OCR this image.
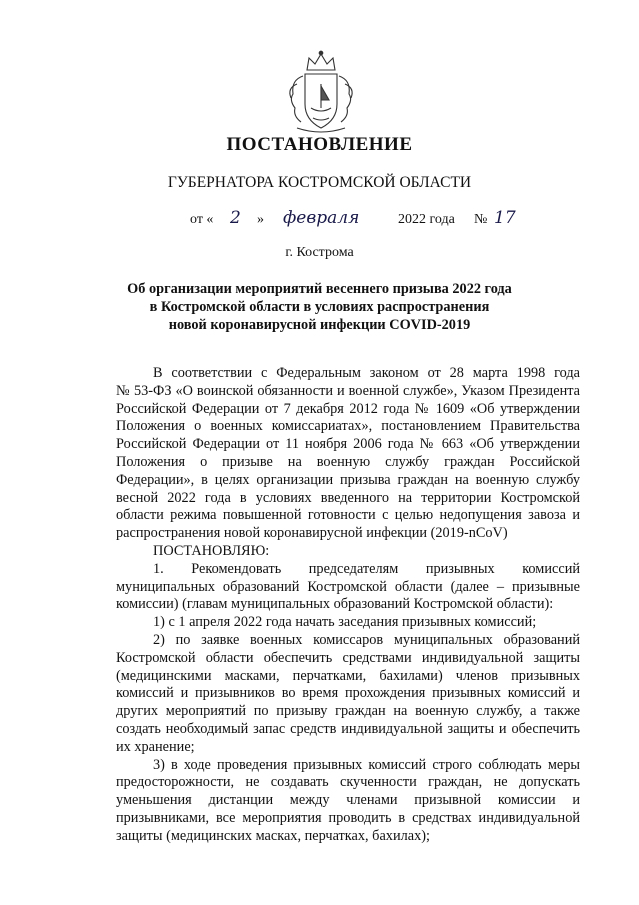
ПОСТАНОВЛЕНИЕ
ГУБЕРНАТОРА КОСТРОМСКОЙ ОБЛАСТИ
от « 2 » февраля	2022 года № 17
г. Кострома
Об организации мероприятий весеннего призыва 2022 года
в Костромской области в условиях распространения
новой коронавирусной инфекции COVID-2019
В соответствии с Федеральным законом от 28 марта 1998 года
№ 53-ФЗ «О воинской обязанности и военной службе», Указом Президента
Российской Федерации от 7 декабря 2012 года № 1609 «Об утверждении
Положения о военных комиссариатах», постановлением Правительства
Российской Федерации от 11 ноября 2006 года № 663 «Об утверждении
Положения о призыве на военную службу граждан Российской
Федерации», в целях организации призыва граждан на военную службу
весной 2022 года в условиях введенного на территории Костромской
области режима повышенной готовности с целью недопущения завоза и
распространения новой коронавирусной инфекции (2019-nCoV)
ПОСТАНОВЛЯЮ:
1. Рекомендовать председателям призывных комиссий
муниципальных образований Костромской области (далее – призывные
комиссии) (главам муниципальных образований Костромской области):
1) с 1 апреля 2022 года начать заседания призывных комиссий;
2) по заявке военных комиссаров муниципальных образований
Костромской области обеспечить средствами индивидуальной защиты
(медицинскими масками, перчатками, бахилами) членов призывных
комиссий и призывников во время прохождения призывных комиссий и
других мероприятий по призыву граждан на военную службу, а также
создать необходимый запас средств индивидуальной защиты и обеспечить
их хранение;
3) в ходе проведения призывных комиссий строго соблюдать меры
предосторожности, не создавать скученности граждан, не допускать
уменьшения дистанции между членами призывной комиссии и
призывниками, все мероприятия проводить в средствах индивидуальной
защиты (медицинских масках, перчатках, бахилах);
